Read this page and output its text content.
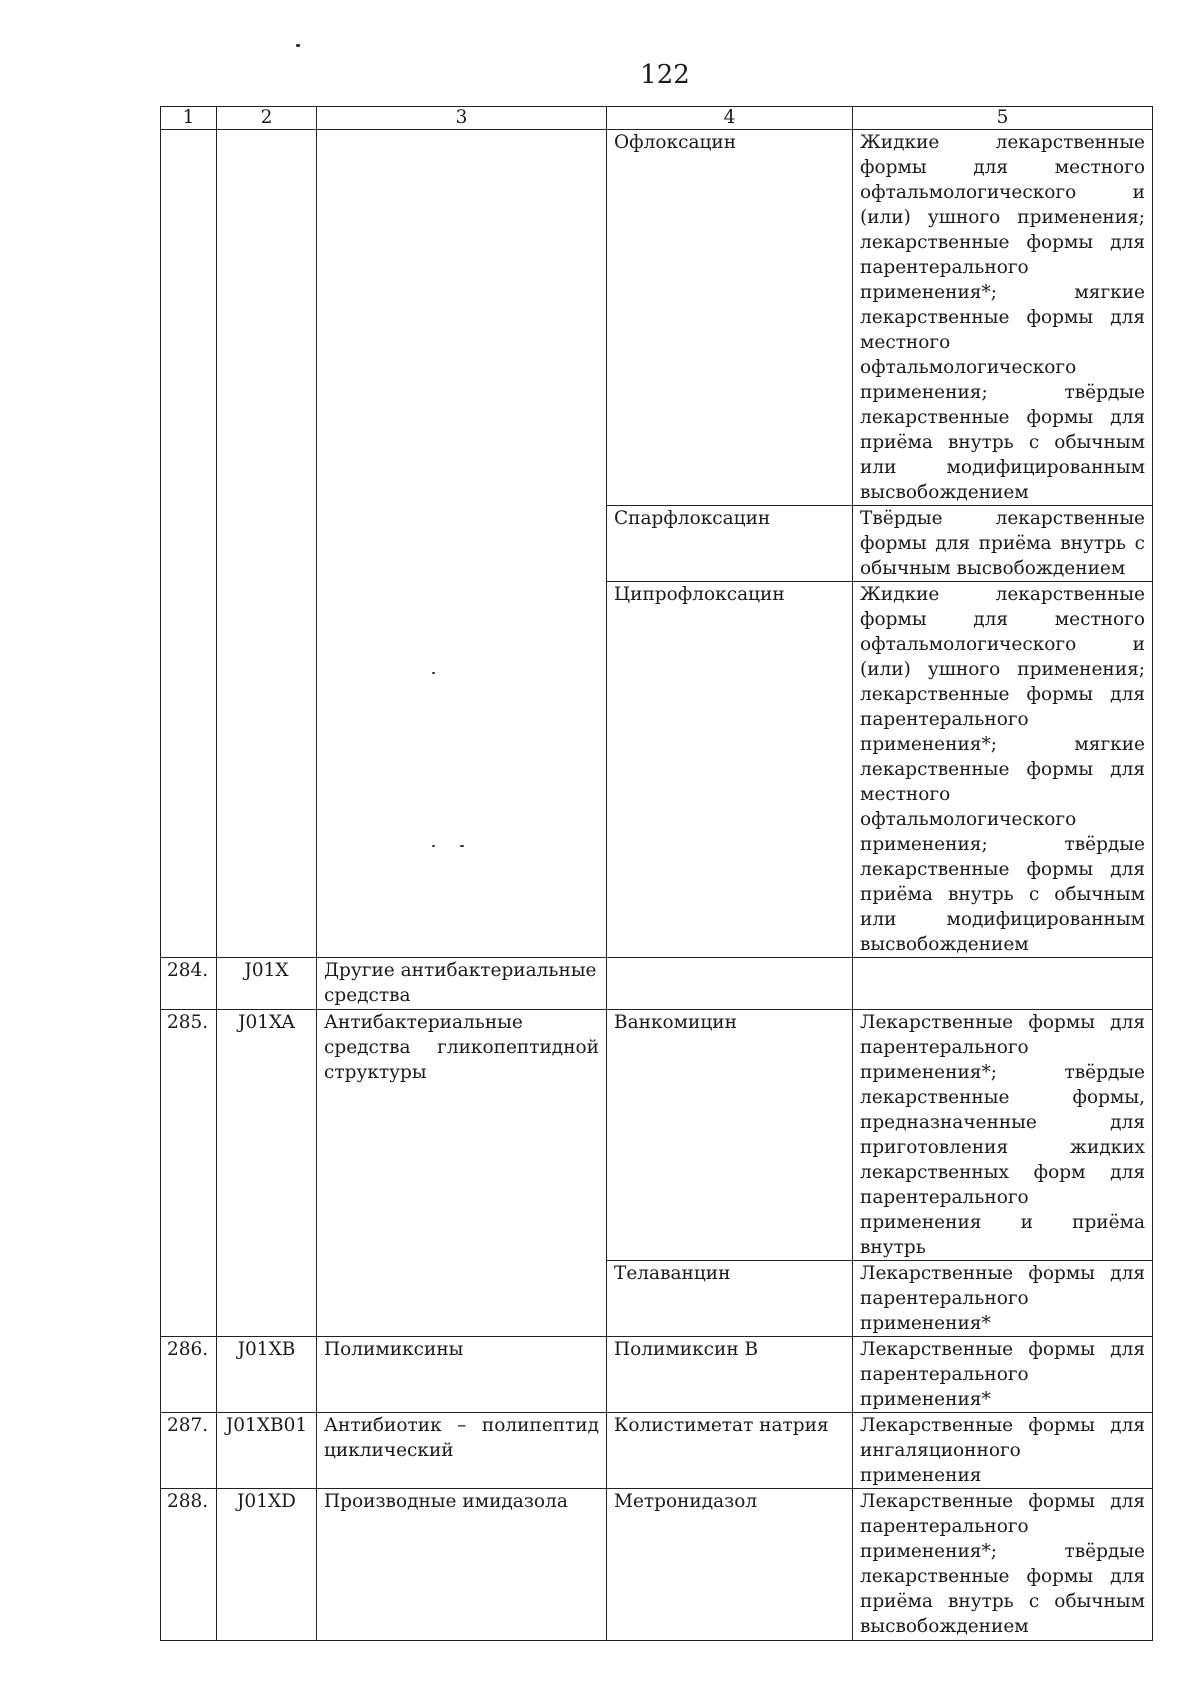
122
1	2	3	4	5
			Офлоксацин	Жидкие лекарственные формы для местного офтальмологического и (или) ушного применения; лекарственные формы для парентерального применения*; мягкие лекарственные формы для местного офтальмологического применения; твёрдые лекарственные формы для приёма внутрь с обычным или модифицированным высвобождением
			Спарфлоксацин	Твёрдые лекарственные формы для приёма внутрь с обычным высвобождением
			Ципрофлоксацин	Жидкие лекарственные формы для местного офтальмологического и (или) ушного применения; лекарственные формы для парентерального применения*; мягкие лекарственные формы для местного офтальмологического применения; твёрдые лекарственные формы для приёма внутрь с обычным или модифицированным высвобождением
284.	J01X	Другие антибактериальные средства		
285.	J01XA	Антибактериальные средства гликопептидной структуры	Ванкомицин	Лекарственные формы для парентерального применения*; твёрдые лекарственные формы, предназначенные для приготовления жидких лекарственных форм для парентерального применения и приёма внутрь
			Телаванцин	Лекарственные формы для парентерального применения*
286.	J01XB	Полимиксины	Полимиксин В	Лекарственные формы для парентерального применения*
287.	J01XB01	Антибиотик – полипептид циклический	Колистиметат натрия	Лекарственные формы для ингаляционного применения
288.	J01XD	Производные имидазола	Метронидазол	Лекарственные формы для парентерального применения*; твёрдые лекарственные формы для приёма внутрь с обычным высвобождением
